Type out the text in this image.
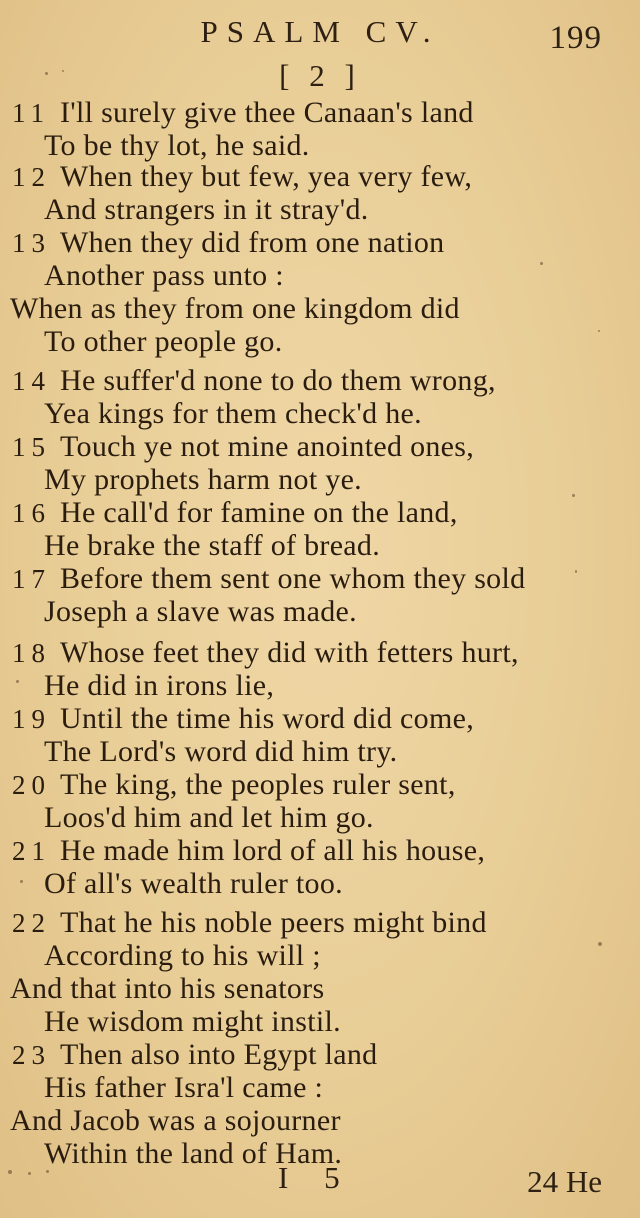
PSALM CV.	199
[ 2 ]
11 I'll surely give thee Canaan's land
To be thy lot, he said.
12 When they but few, yea very few,
And strangers in it stray'd.
13 When they did from one nation
Another pass unto :
When as they from one kingdom did
To other people go.
14 He suffer'd none to do them wrong,
Yea kings for them check'd he.
15 Touch ye not mine anointed ones,
My prophets harm not ye.
16 He call'd for famine on the land,
He brake the staff of bread.
17 Before them sent one whom they sold
Joseph a slave was made.
18 Whose feet they did with fetters hurt,
He did in irons lie,
19 Until the time his word did come,
The Lord's word did him try.
20 The king, the peoples ruler sent,
Loos'd him and let him go.
21 He made him lord of all his house,
Of all's wealth ruler too.
22 That he his noble peers might bind
According to his will ;
And that into his senators
He wisdom might instil.
23 Then also into Egypt land
His father Isra'l came :
And Jacob was a sojourner
Within the land of Ham.
I 5	24 He
